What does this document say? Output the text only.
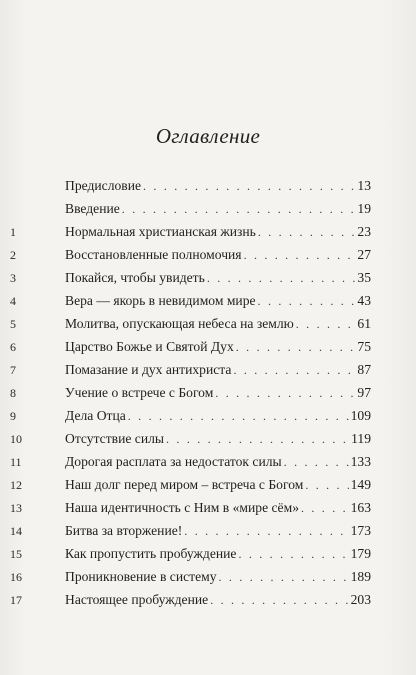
Оглавление
Предисловие . . .	13
Введение . . .	19
1	Нормальная христианская жизнь . . .	23
2	Восстановленные полномочия . . .	27
3	Покайся, чтобы увидеть . . .	35
4	Вера — якорь в невидимом мире . . .	43
5	Молитва, опускающая небеса на землю . . .	61
6	Царство Божье и Святой Дух . . .	75
7	Помазание и дух антихриста . . .	87
8	Учение о встрече с Богом . . .	97
9	Дела Отца . . .	109
10	Отсутствие силы . . .	119
11	Дорогая расплата за недостаток силы . . .	133
12	Наш долг перед миром – встреча с Богом . . .	149
13	Наша идентичность с Ним в «мире сём» . . .	163
14	Битва за вторжение! . . .	173
15	Как пропустить пробуждение . . .	179
16	Проникновение в систему . . .	189
17	Настоящее пробуждение . . .	203
